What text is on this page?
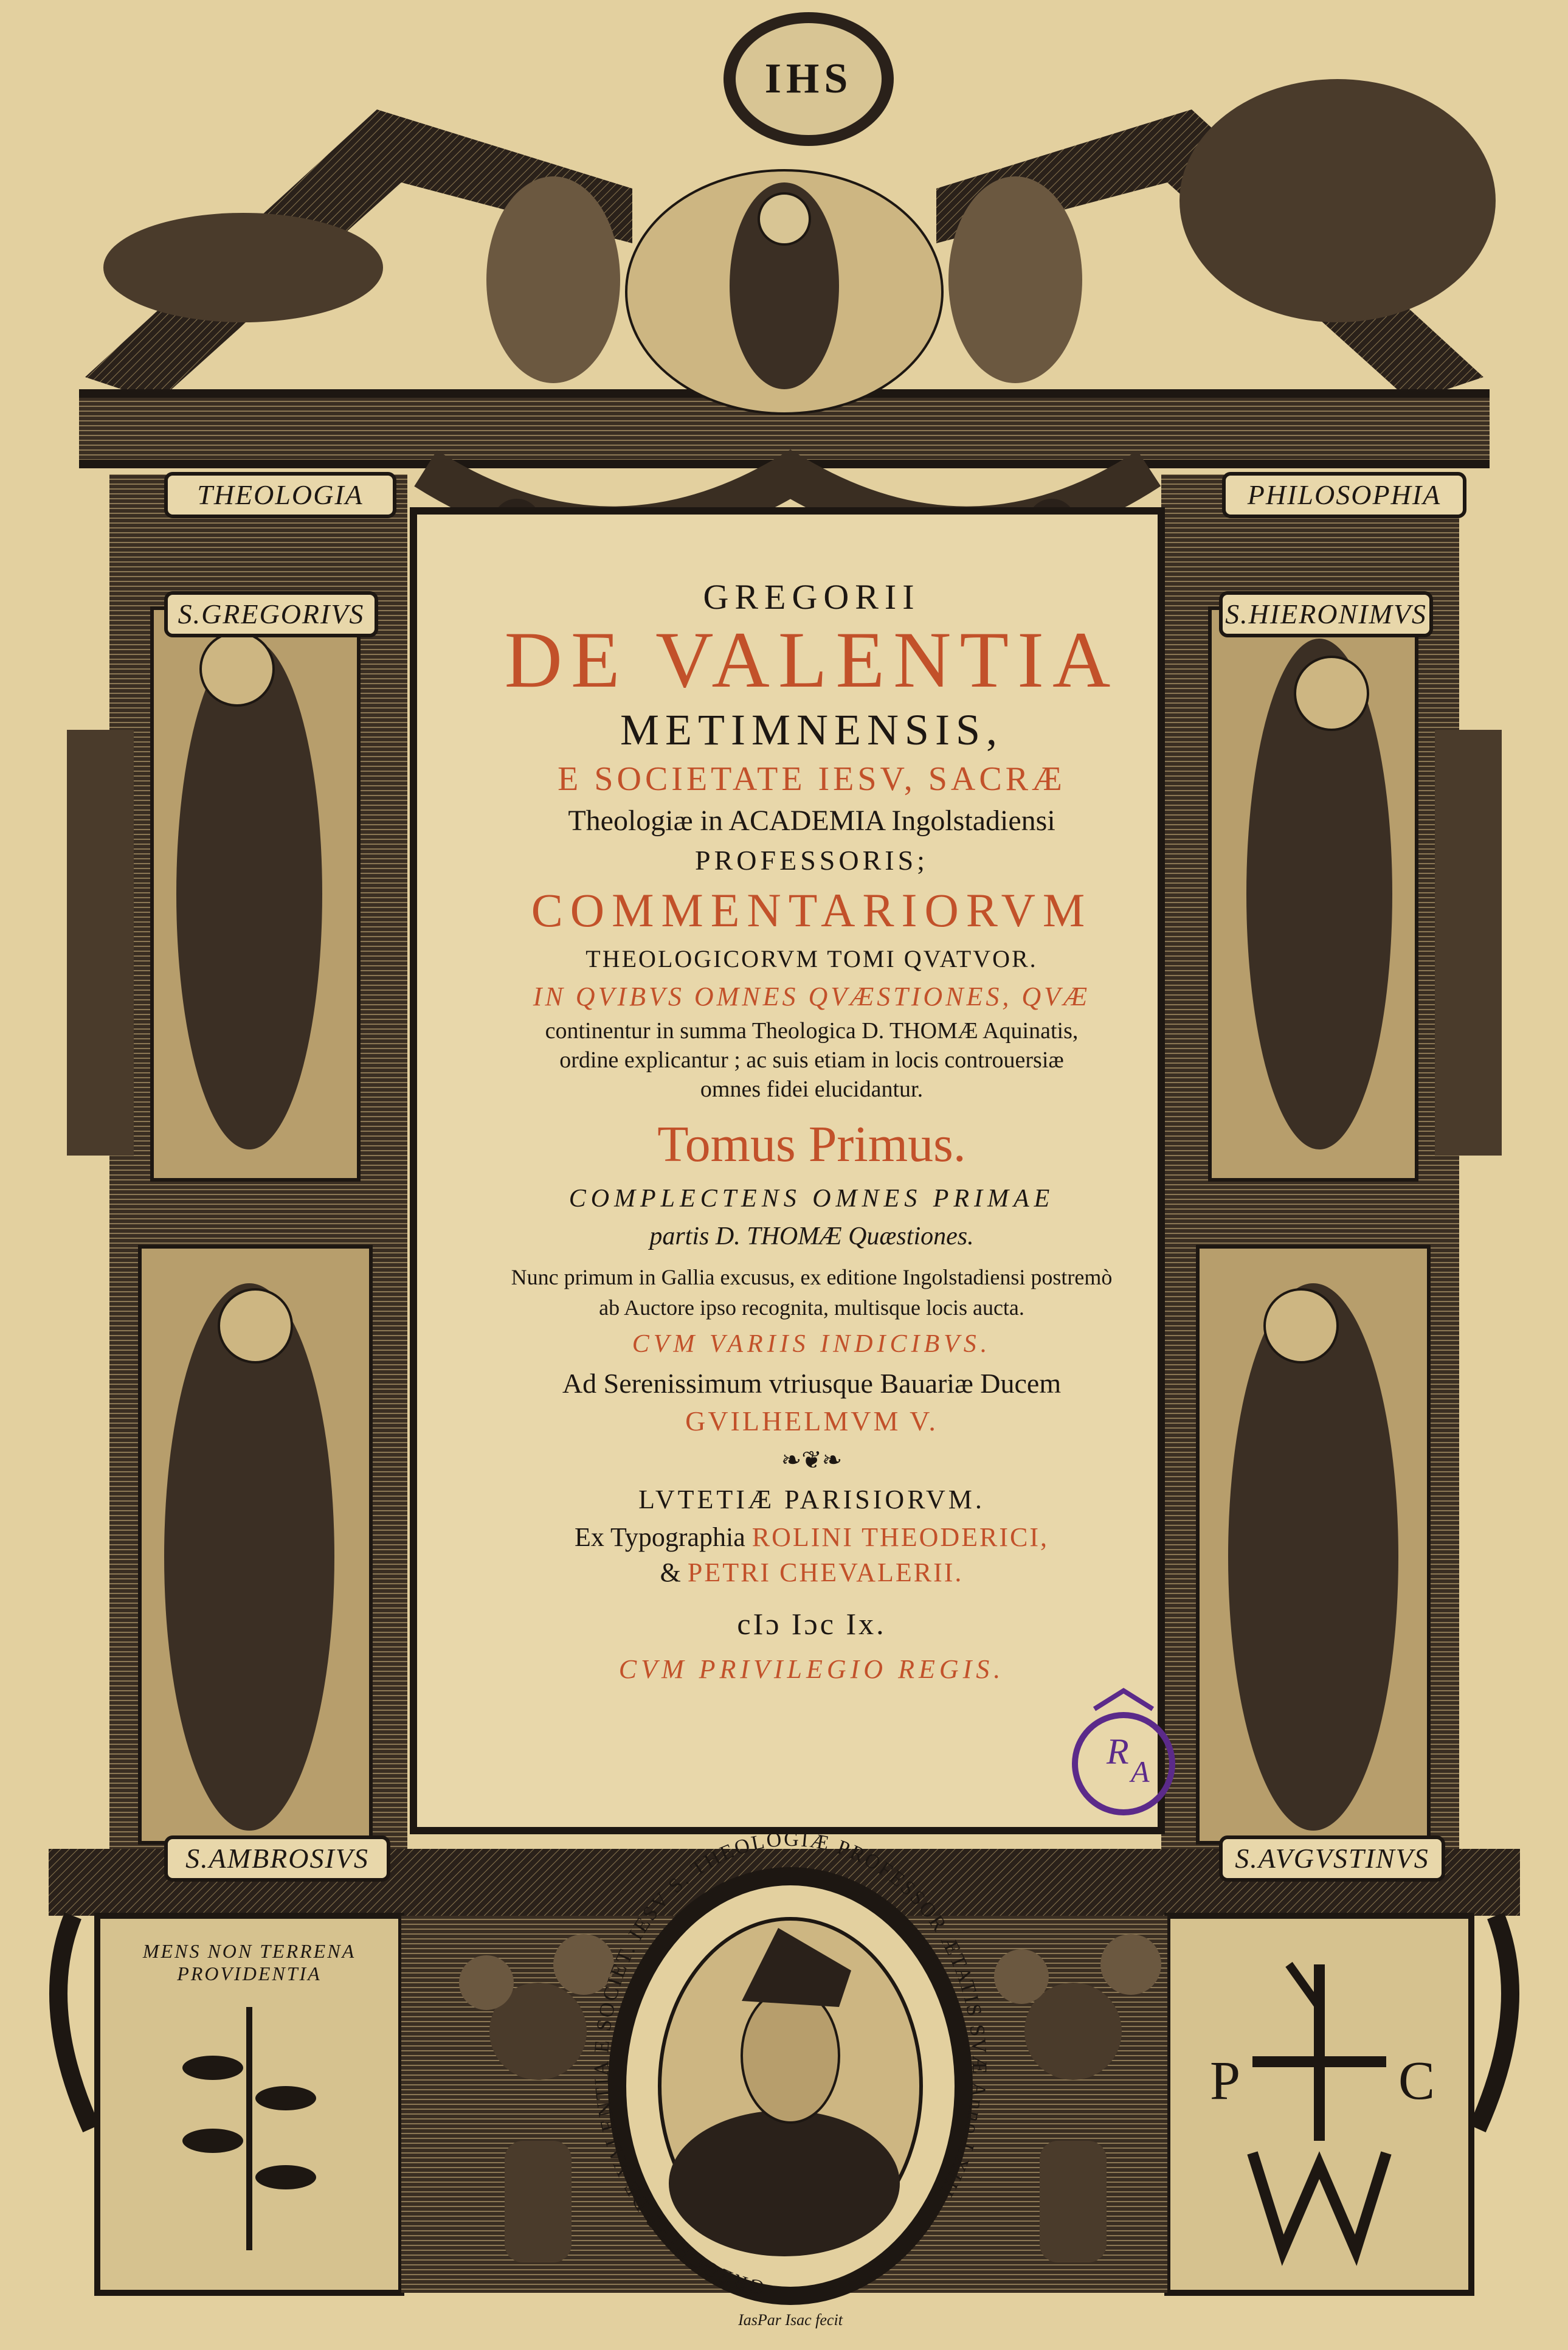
R A
IHS
THEOLOGIA	PHILOSOPHIA
S.GREGORIVS	S.HIERONIMVS
S.AMBROSIVS	S.AVGVSTINVS
GREGORII
DE VALENTIA
METIMNENSIS,
E SOCIETATE IESV, SACRÆ
Theologiæ in ACADEMIA Ingolstadiensi
PROFESSORIS;
COMMENTARIORVM
THEOLOGICORVM TOMI QVATVOR.
IN QVIBVS OMNES QVÆSTIONES, QVÆ
continentur in summa Theologica D. THOMÆ Aquinatis,
ordine explicantur ; ac suis etiam in locis controuersiæ
omnes fidei elucidantur.
Tomus Primus.
COMPLECTENS OMNES PRIMAE
partis D. THOMÆ Quæstiones.
Nunc primum in Gallia excusus, ex editione Ingolstadiensi postremò
ab Auctore ipso recognita, multisque locis aucta.
CVM VARIIS INDICIBVS.
Ad Serenissimum vtriusque Bauariæ Ducem
GVILHELMVM V.
❧❦❧
LVTETIÆ PARISIORVM.
Ex Typographia ROLINI THEODERICI,
& PETRI CHEVALERII.
cIɔ Iɔc Ix.
CVM PRIVILEGIO REGIS.
GREGORIVS DE VALENTIA E SOCIET. IESV S. THEOLOGIÆ PROFESSOR ÆTATIS SVÆ Anno LXIII
MENS NON TERRENA PROVIDENTIA
P	C
IasPar Isac fecit
